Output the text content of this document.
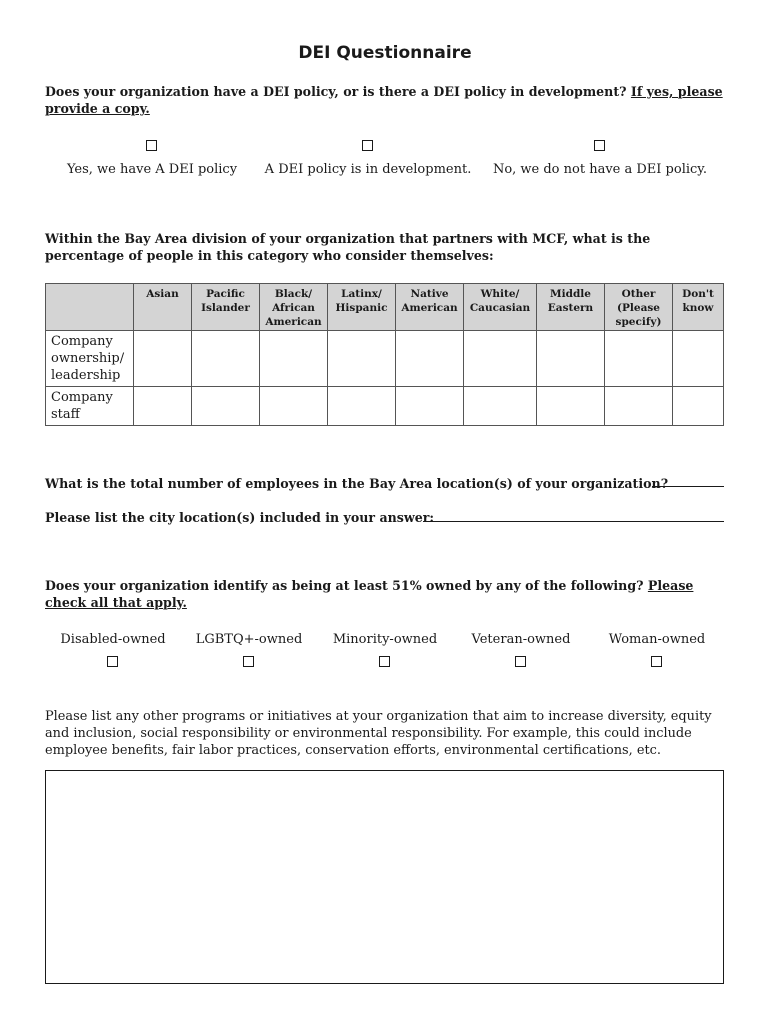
DEI Questionnaire
Does your organization have a DEI policy, or is there a DEI policy in development? If yes, please provide a copy.
Yes, we have A DEI policy	A DEI policy is in development.	No, we do not have a DEI policy.
Within the Bay Area division of your organization that partners with MCF, what is the percentage of people in this category who consider themselves:
	Asian	Pacific Islander	Black/ African American	Latinx/ Hispanic	Native American	White/ Caucasian	Middle Eastern	Other (Please specify)	Don't know
Company ownership/ leadership									
Company staff									
What is the total number of employees in the Bay Area location(s) of your organization?
Please list the city location(s) included in your answer:
Does your organization identify as being at least 51% owned by any of the following? Please check all that apply.
Disabled-owned	LGBTQ+-owned	Minority-owned	Veteran-owned	Woman-owned
Please list any other programs or initiatives at your organization that aim to increase diversity, equity and inclusion, social responsibility or environmental responsibility. For example, this could include employee benefits, fair labor practices, conservation efforts, environmental certifications, etc.
